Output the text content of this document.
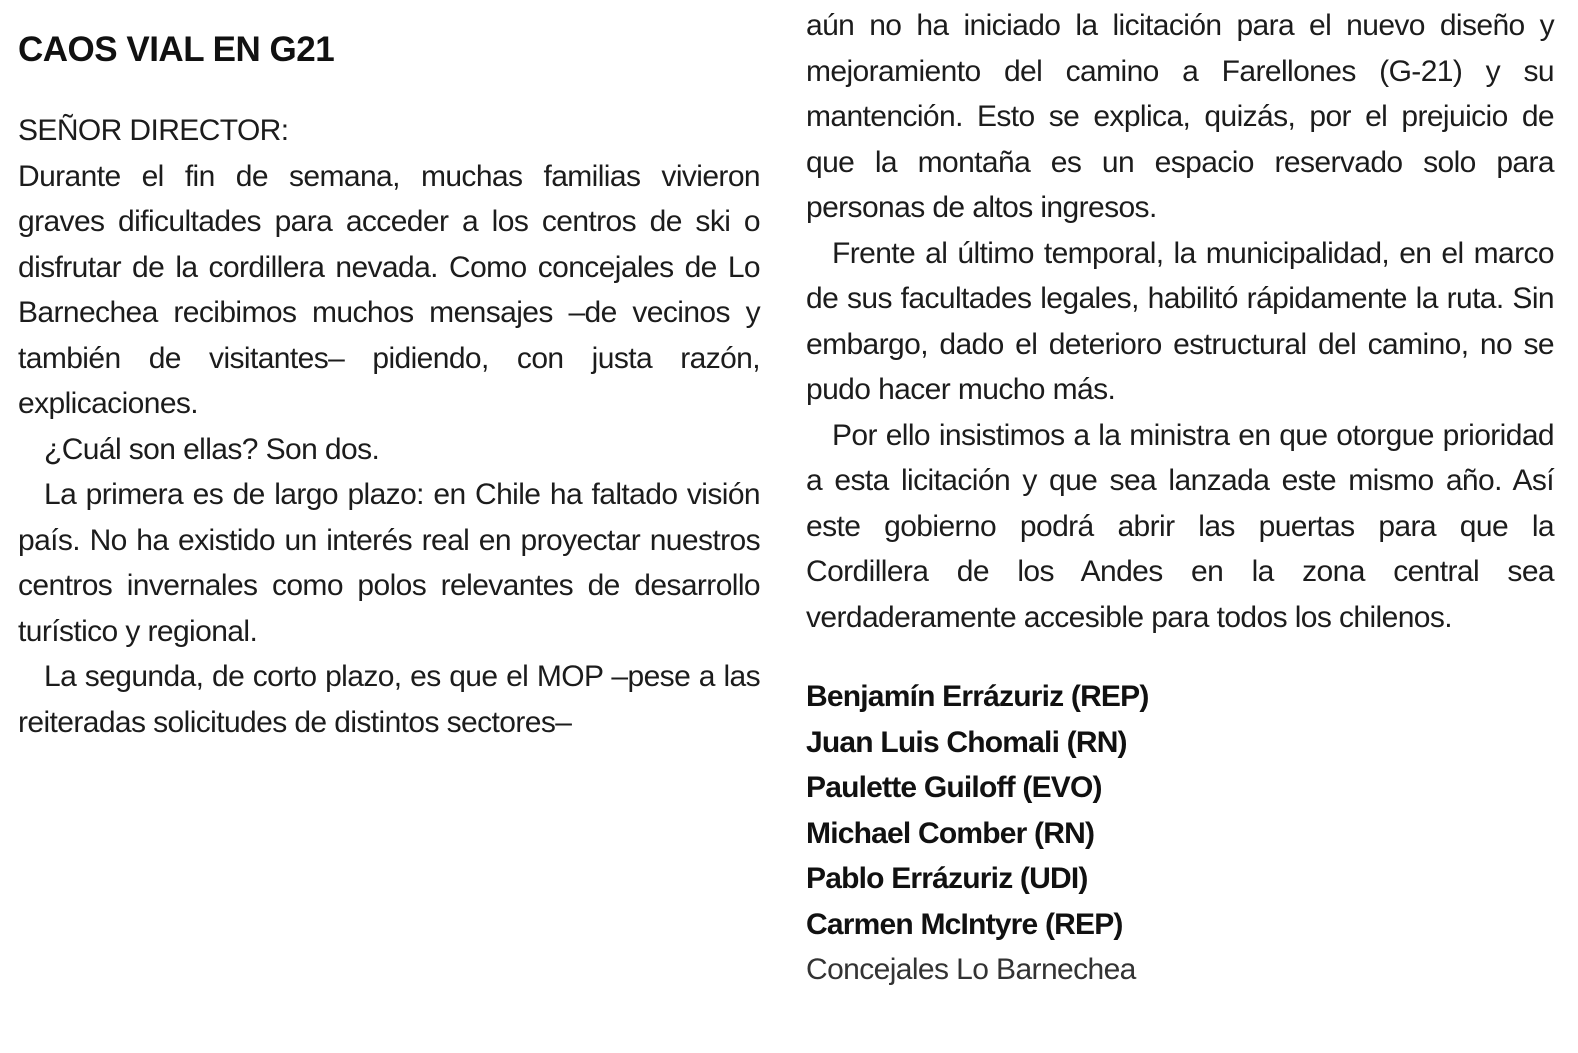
CAOS VIAL EN G21
SEÑOR DIRECTOR:

Durante el fin de semana, muchas familias vivieron graves dificultades para acceder a los centros de ski o disfrutar de la cordillera nevada. Como concejales de Lo Barnechea recibimos muchos mensajes –de vecinos y también de visitantes– pidiendo, con justa razón, explicaciones.

¿Cuál son ellas? Son dos.

La primera es de largo plazo: en Chile ha faltado visión país. No ha existido un interés real en proyectar nuestros centros invernales como polos relevantes de desarrollo turístico y regional.

La segunda, de corto plazo, es que el MOP –pese a las reiteradas solicitudes de distintos sectores–

aún no ha iniciado la licitación para el nuevo diseño y mejoramiento del camino a Farellones (G-21) y su mantención. Esto se explica, quizás, por el prejuicio de que la montaña es un espacio reservado solo para personas de altos ingresos.

Frente al último temporal, la municipalidad, en el marco de sus facultades legales, habilitó rápidamente la ruta. Sin embargo, dado el deterioro estructural del camino, no se pudo hacer mucho más.

Por ello insistimos a la ministra en que otorgue prioridad a esta licitación y que sea lanzada este mismo año. Así este gobierno podrá abrir las puertas para que la Cordillera de los Andes en la zona central sea verdaderamente accesible para todos los chilenos.

Benjamín Errázuriz (REP)
Juan Luis Chomali (RN)
Paulette Guiloff (EVO)
Michael Comber (RN)
Pablo Errázuriz (UDI)
Carmen McIntyre (REP)
Concejales Lo Barnechea
